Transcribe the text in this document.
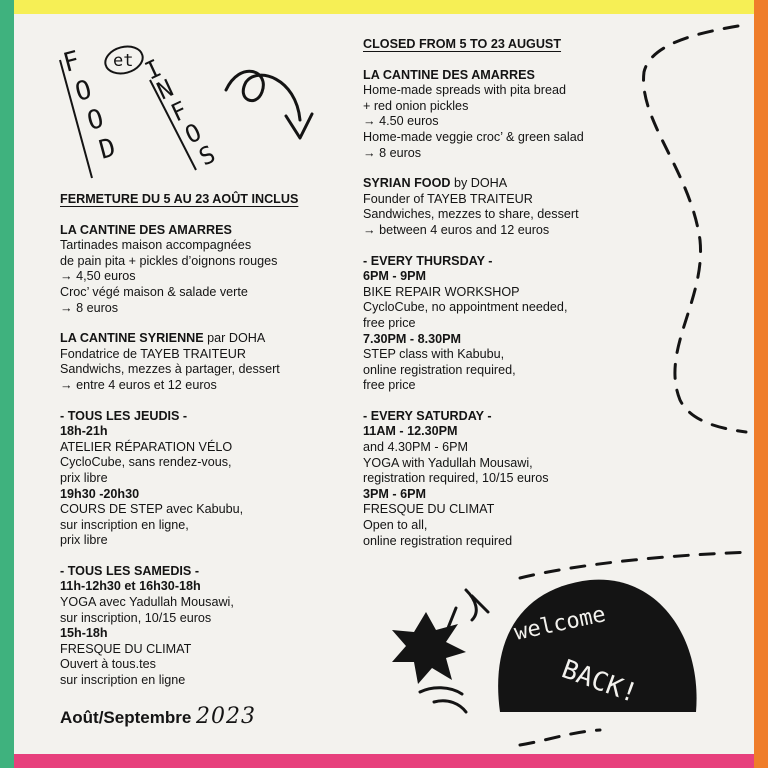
F
O
O
D
et I
N
F
O
S
welcome
BACK!

FERMETURE DU 5 AU 23 AOÛT INCLUS

LA CANTINE DES AMARRES

Tartinades maison accompagnées

de pain pita + pickles d’oignons rouges

→ 4,50 euros

Croc’ végé maison & salade verte

→ 8 euros

LA CANTINE SYRIENNE par DOHA

Fondatrice de TAYEB TRAITEUR

Sandwichs, mezzes à partager, dessert

→ entre 4 euros et 12 euros

- TOUS LES JEUDIS -

18h-21h

ATELIER RÉPARATION VÉLO

CycloCube, sans rendez-vous,

prix libre

19h30 -20h30

COURS DE STEP avec Kabubu,

sur inscription en ligne,

prix libre

- TOUS LES SAMEDIS -

11h-12h30 et 16h30-18h

YOGA avec Yadullah Mousawi,

sur inscription, 10/15 euros

15h-18h

FRESQUE DU CLIMAT

Ouvert à tous.tes

sur inscription en ligne

Août/Septembre 2023

CLOSED FROM 5 TO 23 AUGUST

LA CANTINE DES AMARRES

Home-made spreads with pita bread

+ red onion pickles

→ 4.50 euros

Home-made veggie croc’ & green salad

→ 8 euros

SYRIAN FOOD by DOHA

Founder of TAYEB TRAITEUR

Sandwiches, mezzes to share, dessert

→ between 4 euros and 12 euros

- EVERY THURSDAY -

6PM - 9PM

BIKE REPAIR WORKSHOP

CycloCube, no appointment needed,

free price

7.30PM - 8.30PM

STEP class with Kabubu,

online registration required,

free price

- EVERY SATURDAY -

11AM - 12.30PM

and 4.30PM - 6PM

YOGA with Yadullah Mousawi,

registration required, 10/15 euros

3PM - 6PM

FRESQUE DU CLIMAT

Open to all,

online registration required
